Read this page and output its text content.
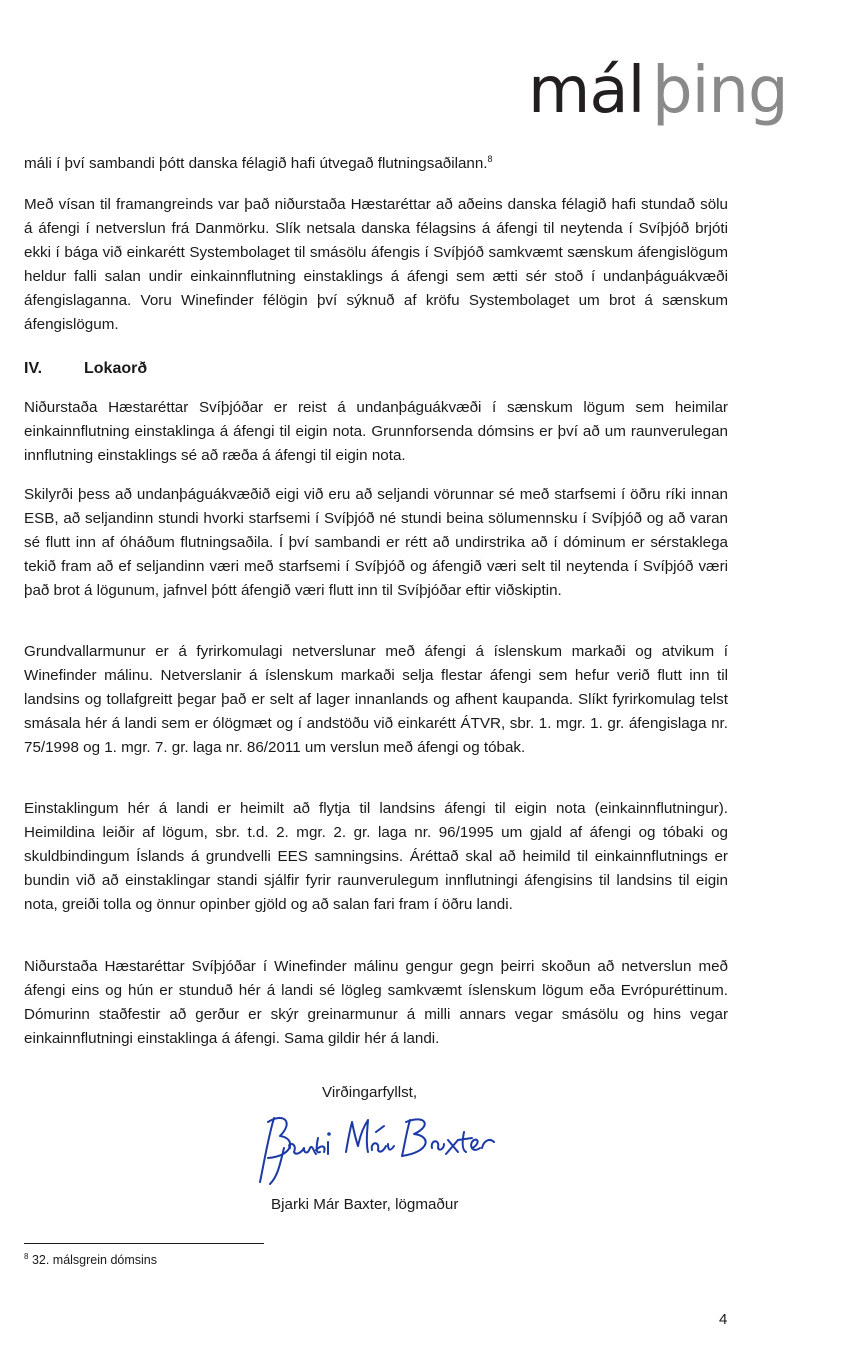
mál þing

máli í því sambandi þótt danska félagið hafi útvegað flutningsaðilann.$^8$

Með vísan til framangreinds var það niðurstaða Hæstaréttar að aðeins danska félagið hafi stundað sölu á áfengi í netverslun frá Danmörku. Slík netsala danska félagsins á áfengi til neytenda í Svíþjóð brjóti ekki í bága við einkarétt Systembolaget til smásölu áfengis í Svíþjóð samkvæmt sænskum áfengislögum heldur falli salan undir einkainnflutning einstaklings á áfengi sem ætti sér stoð í undanþáguákvæði áfengislaganna. Voru Winefinder félögin því sýknuð af kröfu Systembolaget um brot á sænskum áfengislögum.

IV.	Lokaorð

Niðurstaða Hæstaréttar Svíþjóðar er reist á undanþáguákvæði í sænskum lögum sem heimilar einkainnflutning einstaklinga á áfengi til eigin nota. Grunnforsenda dómsins er því að um raunverulegan innflutning einstaklings sé að ræða á áfengi til eigin nota.

Skilyrði þess að undanþáguákvæðið eigi við eru að seljandi vörunnar sé með starfsemi í öðru ríki innan ESB, að seljandinn stundi hvorki starfsemi í Svíþjóð né stundi beina sölumennsku í Svíþjóð og að varan sé flutt inn af óháðum flutningsaðila. Í því sambandi er rétt að undirstrika að í dóminum er sérstaklega tekið fram að ef seljandinn væri með starfsemi í Svíþjóð og áfengið væri selt til neytenda í Svíþjóð væri það brot á lögunum, jafnvel þótt áfengið væri flutt inn til Svíþjóðar eftir viðskiptin.

Grundvallarmunur er á fyrirkomulagi netverslunar með áfengi á íslenskum markaði og atvikum í Winefinder málinu. Netverslanir á íslenskum markaði selja flestar áfengi sem hefur verið flutt inn til landsins og tollafgreitt þegar það er selt af lager innanlands og afhent kaupanda. Slíkt fyrirkomulag telst smásala hér á landi sem er ólögmæt og í andstöðu við einkarétt ÁTVR, sbr. 1. mgr. 1. gr. áfengislaga nr. 75/1998 og 1. mgr. 7. gr. laga nr. 86/2011 um verslun með áfengi og tóbak.

Einstaklingum hér á landi er heimilt að flytja til landsins áfengi til eigin nota (einkainnflutningur). Heimildina leiðir af lögum, sbr. t.d. 2. mgr. 2. gr. laga nr. 96/1995 um gjald af áfengi og tóbaki og skuldbindingum Íslands á grundvelli EES samningsins. Áréttað skal að heimild til einkainnflutnings er bundin við að einstaklingar standi sjálfir fyrir raunverulegum innflutningi áfengisins til landsins til eigin nota, greiði tolla og önnur opinber gjöld og að salan fari fram í öðru landi.

Niðurstaða Hæstaréttar Svíþjóðar í Winefinder málinu gengur gegn þeirri skoðun að netverslun með áfengi eins og hún er stunduð hér á landi sé lögleg samkvæmt íslenskum lögum eða Evrópuréttinum. Dómurinn staðfestir að gerður er skýr greinarmunur á milli annars vegar smásölu og hins vegar einkainnflutningi einstaklinga á áfengi. Sama gildir hér á landi.

Virðingarfyllst,
Bjarki Már Baxter, lögmaður
$^8$ 32. málsgrein dómsins
4
